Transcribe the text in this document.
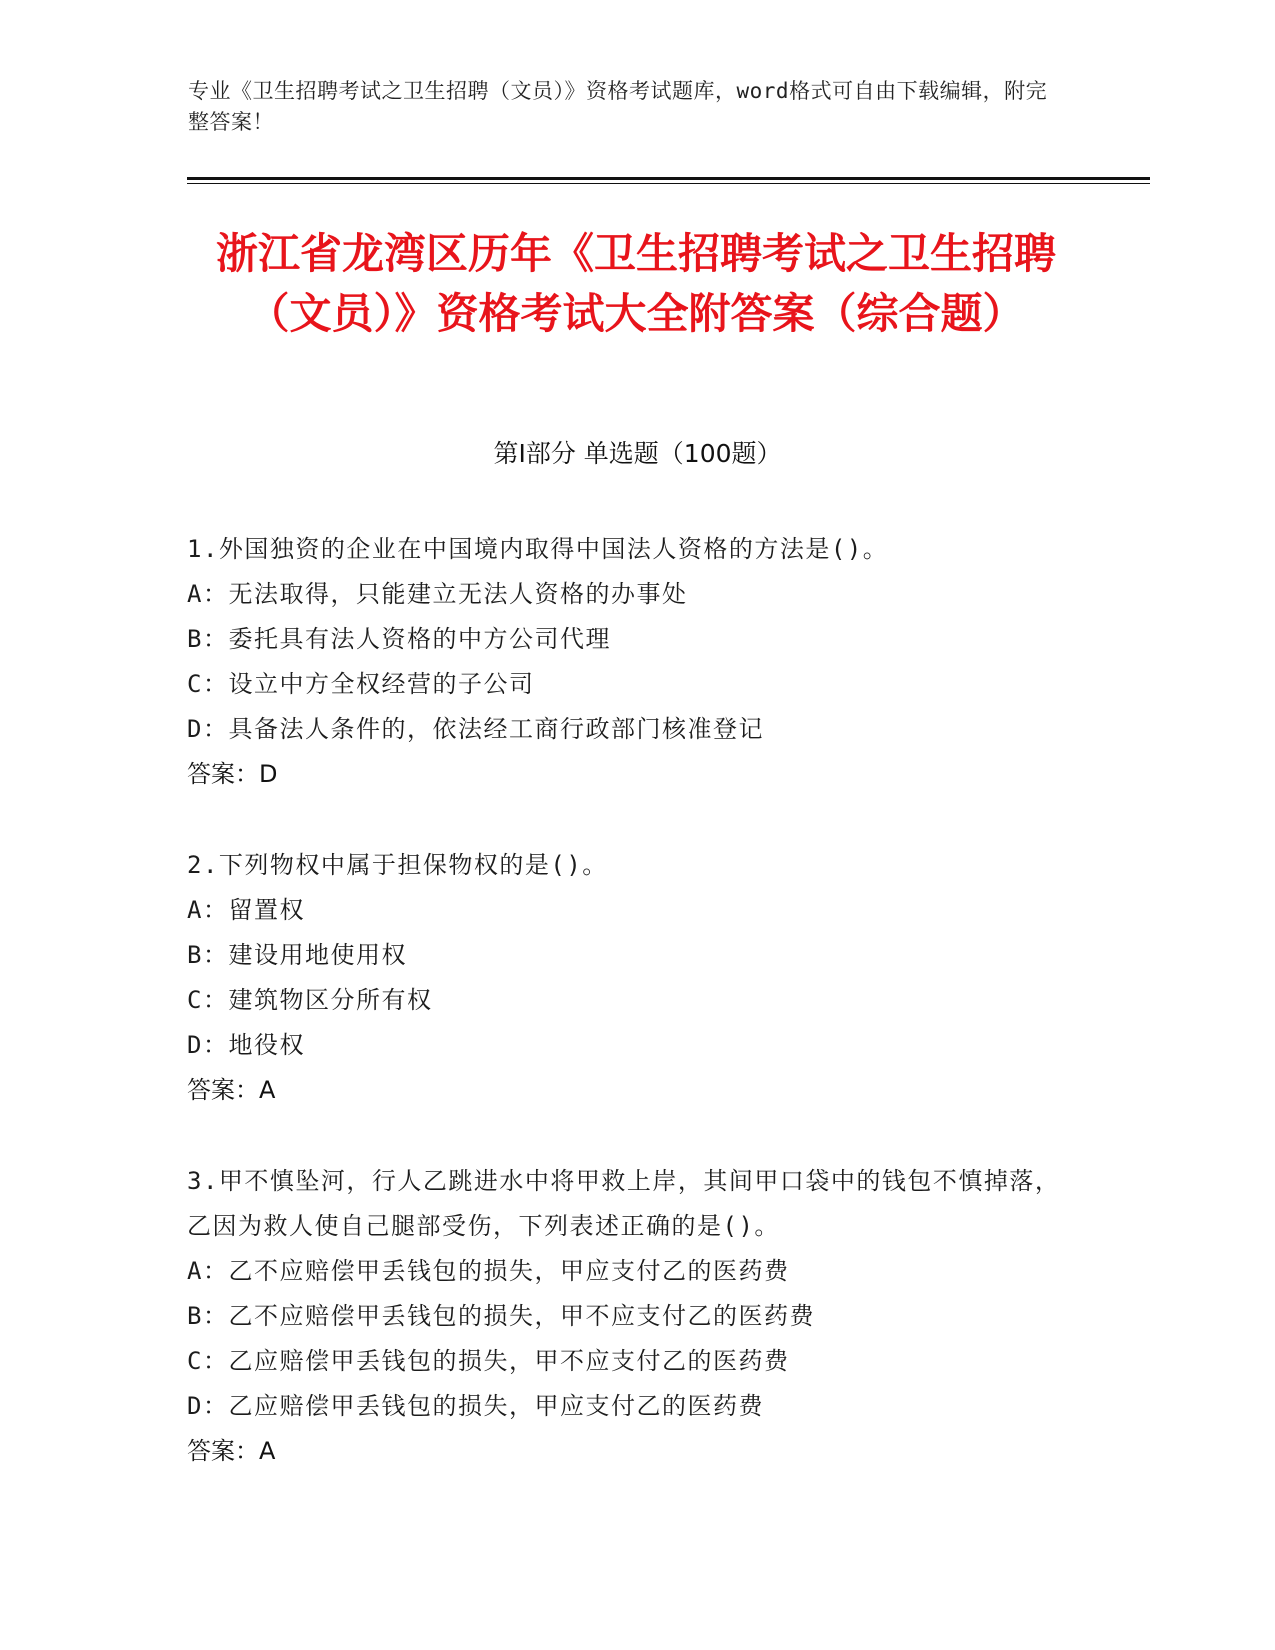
专业《卫生招聘考试之卫生招聘（文员）》资格考试题库，word格式可自由下载编辑，附完整答案！
浙江省龙湾区历年《卫生招聘考试之卫生招聘（文员）》资格考试大全附答案（综合题）
第Ⅰ部分 单选题（100题）
1.外国独资的企业在中国境内取得中国法人资格的方法是()。
A：无法取得，只能建立无法人资格的办事处
B：委托具有法人资格的中方公司代理
C：设立中方全权经营的子公司
D：具备法人条件的，依法经工商行政部门核准登记
答案：D
2.下列物权中属于担保物权的是()。
A：留置权
B：建设用地使用权
C：建筑物区分所有权
D：地役权
答案：A
3.甲不慎坠河，行人乙跳进水中将甲救上岸，其间甲口袋中的钱包不慎掉落，乙因为救人使自己腿部受伤，下列表述正确的是()。
A：乙不应赔偿甲丢钱包的损失，甲应支付乙的医药费
B：乙不应赔偿甲丢钱包的损失，甲不应支付乙的医药费
C：乙应赔偿甲丢钱包的损失，甲不应支付乙的医药费
D：乙应赔偿甲丢钱包的损失，甲应支付乙的医药费
答案：A
